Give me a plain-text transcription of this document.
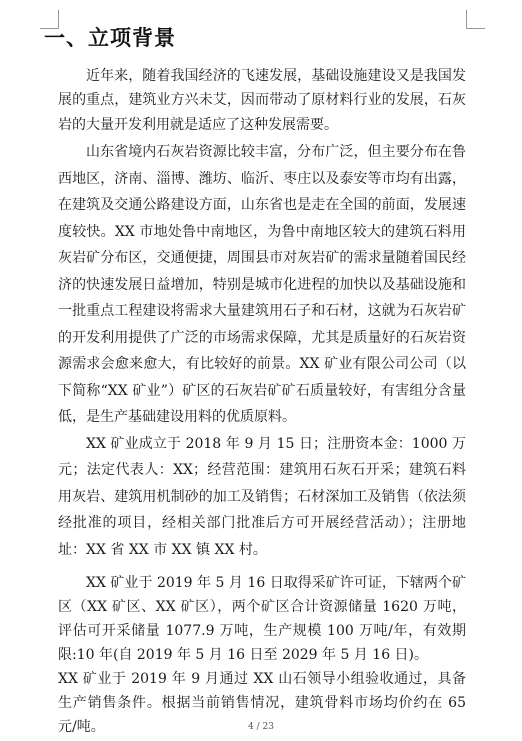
一、立项背景

近年来，随着我国经济的飞速发展，基础设施建设又是我国发展的重点，建筑业方兴未艾，因而带动了原材料行业的发展，石灰岩的大量开发利用就是适应了这种发展需要。

山东省境内石灰岩资源比较丰富，分布广泛，但主要分布在鲁西地区，济南、淄博、潍坊、临沂、枣庄以及泰安等市均有出露，在建筑及交通公路建设方面，山东省也是走在全国的前面，发展速度较快。XX 市地处鲁中南地区，为鲁中南地区较大的建筑石料用灰岩矿分布区，交通便捷，周围县市对灰岩矿的需求量随着国民经济的快速发展日益增加，特别是城市化进程的加快以及基础设施和一批重点工程建设将需求大量建筑用石子和石材，这就为石灰岩矿的开发利用提供了广泛的市场需求保障，尤其是质量好的石灰岩资源需求会愈来愈大，有比较好的前景。XX 矿业有限公司公司（以下简称“XX 矿业”）矿区的石灰岩矿矿石质量较好，有害组分含量低，是生产基础建设用料的优质原料。

XX 矿业成立于 2018 年 9 月 15 日；注册资本金：1000 万元；法定代表人：XX；经营范围：建筑用石灰石开采；建筑石料用灰岩、建筑用机制砂的加工及销售；石材深加工及销售（依法须经批准的项目，经相关部门批准后方可开展经营活动）；注册地址：XX 省 XX 市 XX 镇 XX 村。

XX 矿业于 2019 年 5 月 16 日取得采矿许可证，下辖两个矿区（XX 矿区、XX 矿区），两个矿区合计资源储量 1620 万吨，评估可开采储量 1077.9 万吨，生产规模 100 万吨/年，有效期限:10 年(自 2019 年 5 月 16 日至 2029 年 5 月 16 日)。

XX 矿业于 2019 年 9 月通过 XX 山石领导小组验收通过，具备生产销售条件。根据当前销售情况，建筑骨料市场均价约在 65 元/吨。	4 / 23
